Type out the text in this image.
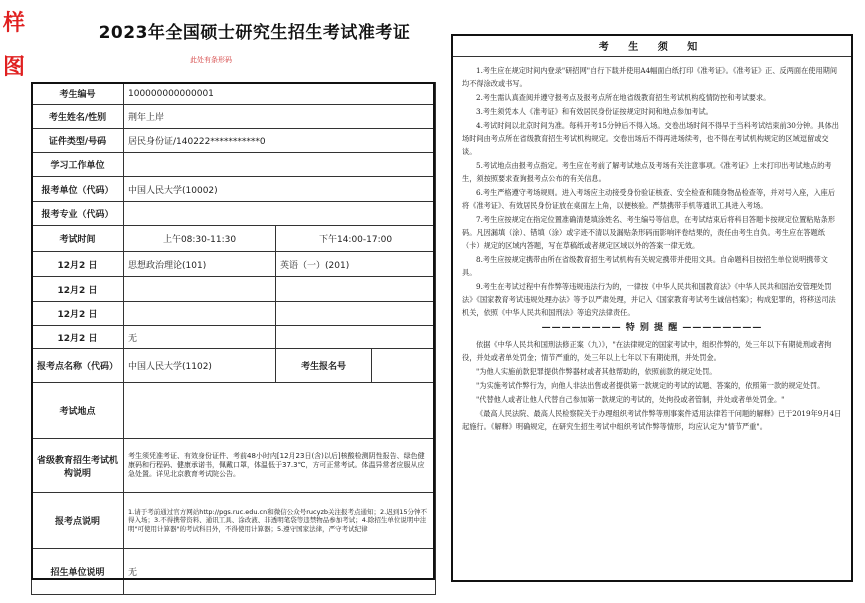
样
图
2023年全国硕士研究生招生考试准考证
此处有条形码
考生编号	100000000000001		
考生姓名/性别	荆年上岸		
证件类型/号码	居民身份证/140222***********0		
学习工作单位			
报考单位（代码）	中国人民大学(10002)		
报考专业（代码）			
考试时间	上午08:30-11:30	下午14:00-17:00	
12月2 日	思想政治理论(101)	英语（一）(201)	
12月2 日			
12月2 日			
12月2 日	无		
报考点名称（代码）	中国人民大学(1102)	考生报名号	
考试地点			
省级教育招生考试机构说明	考生须凭准考证、有效身份证件、考前48小时内[12月23日(含)以后]核酸检测阴性报告、绿色健康码和行程码、健康承诺书，佩戴口罩，体温低于37.3℃，方可正常考试。体温异常者应服从应急处置。详见北京教育考试院公告。		
报考点说明	1.请于考前通过官方网站http://pgs.ruc.edu.cn和微信公众号rucyzb关注报考点通知；2.迟到15分钟不得入场；3.不得携带资料、通讯工具、涂改液、非透明笔袋等违禁物品参加考试；4.除招生单位说明中注明"可使用计算器"的考试科目外，不得使用计算器；5.遵守国家法律，严守考试纪律		
招生单位说明	无		
考 生 须 知

1.考生应在规定时间内登录"研招网"自行下载并使用A4幅面白纸打印《准考证》。《准考证》正、反两面在使用期间均不得涂改或书写。

2.考生需认真查阅并遵守报考点及报考点所在地省级教育招生考试机构疫情防控和考试要求。

3.考生须凭本人《准考证》和有效居民身份证按规定时间和地点参加考试。

4.考试时间以北京时间为准。每科开考15分钟后不得入场。交卷出场时间不得早于当科考试结束前30分钟。具体出场时间由考点所在省级教育招生考试机构规定。交卷出场后不得再进场续考，也不得在考试机构规定的区域逗留或交谈。

5.考试地点由报考点指定。考生应在考前了解考试地点及考场有关注意事项。《准考证》上未打印出考试地点的考生，须按照要求查询报考点公布的有关信息。

6.考生严格遵守考场规则。进入考场应主动接受身份验证核查、安全检查和随身物品检查等，并对号入座，入座后将《准考证》、有效居民身份证放在桌面左上角，以便核验。严禁携带手机等通讯工具进入考场。

7.考生应按规定在指定位置准确清楚填涂姓名、考生编号等信息，在考试结束后将科目答题卡按规定位置粘贴条形码。凡因漏填（涂）、错填（涂）或字迹不清以及漏贴条形码而影响评卷结果的，责任由考生自负。考生应在答题纸（卡）规定的区域内答题，写在草稿纸或者规定区域以外的答案一律无效。

8.考生应按规定携带由所在省级教育招生考试机构有关规定携带并使用文具。自命题科目按招生单位说明携带文具。

9.考生在考试过程中有作弊等违规违法行为的，一律按《中华人民共和国教育法》《中华人民共和国治安管理处罚法》《国家教育考试违规处理办法》等予以严肃处理，并记入《国家教育考试考生诚信档案》；构成犯罪的，将移送司法机关，依照《中华人民共和国刑法》等追究法律责任。

———————— 特 别 提 醒 ————————

依据《中华人民共和国刑法修正案（九）》，"在法律规定的国家考试中，组织作弊的，处三年以下有期徒刑或者拘役，并处或者单处罚金；情节严重的，处三年以上七年以下有期徒刑，并处罚金。

"为他人实施前款犯罪提供作弊器材或者其他帮助的，依照前款的规定处罚。

"为实施考试作弊行为，向他人非法出售或者提供第一款规定的考试的试题、答案的，依照第一款的规定处罚。

"代替他人或者让他人代替自己参加第一款规定的考试的，处拘役或者管制，并处或者单处罚金。"

《最高人民法院、最高人民检察院关于办理组织考试作弊等刑事案件适用法律若干问题的解释》已于2019年9月4日起施行。《解释》明确规定，在研究生招生考试中组织考试作弊等情形，均应认定为"情节严重"。
